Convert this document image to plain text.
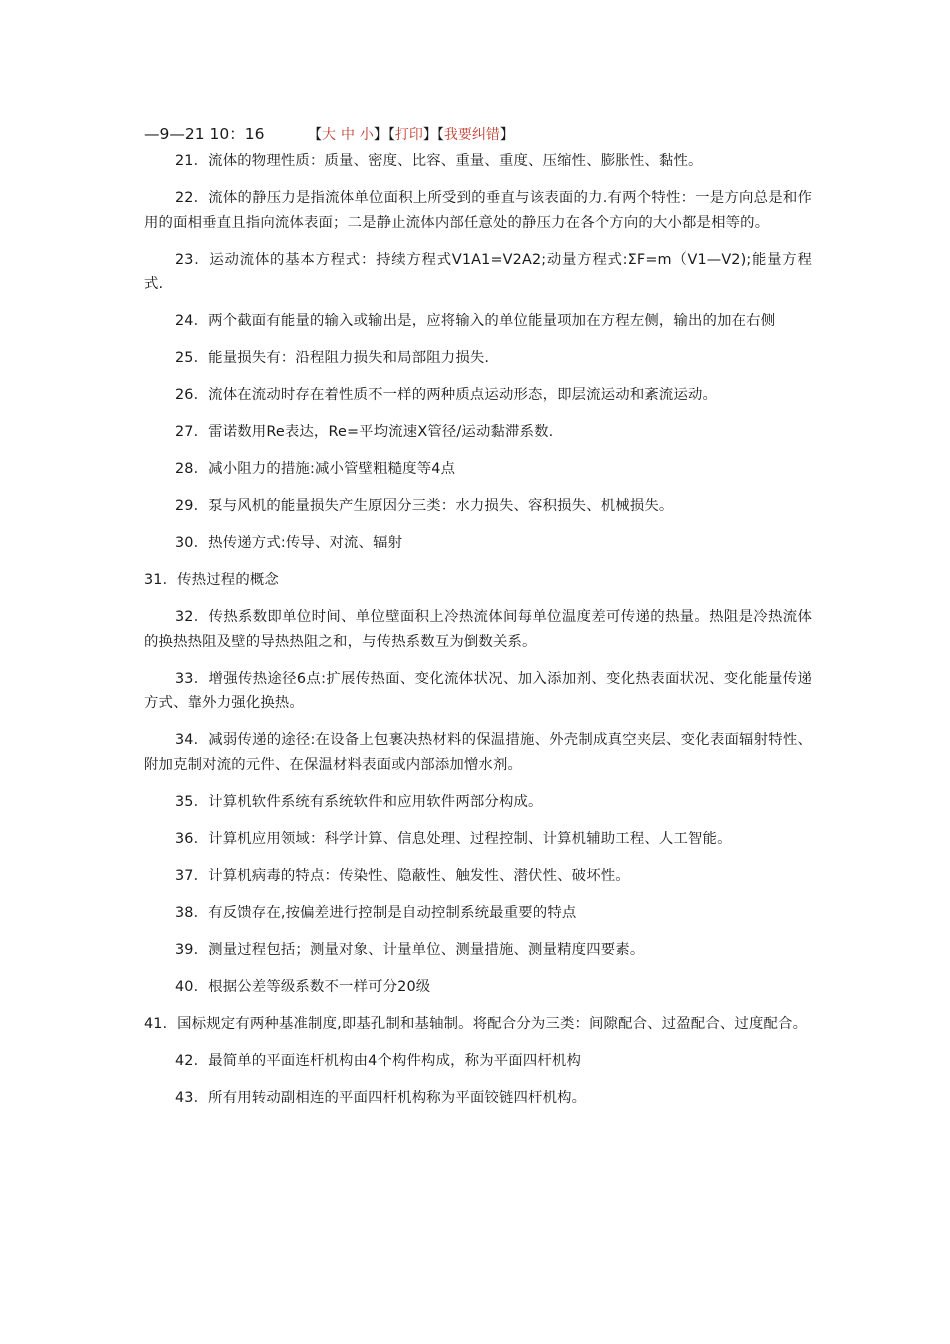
—9—21 10：16	【大 中 小】【打印】【我要纠错】

21．流体的物理性质：质量、密度、比容、重量、重度、压缩性、膨胀性、黏性。

22．流体的静压力是指流体单位面积上所受到的垂直与该表面的力.有两个特性：一是方向总是和作用的面相垂直且指向流体表面；二是静止流体内部任意处的静压力在各个方向的大小都是相等的。

23．运动流体的基本方程式：持续方程式V1A1=V2A2;动量方程式:ΣF=m（V1—V2);能量方程式.

24．两个截面有能量的输入或输出是，应将输入的单位能量项加在方程左侧，输出的加在右侧

25．能量损失有：沿程阻力损失和局部阻力损失.

26．流体在流动时存在着性质不一样的两种质点运动形态，即层流运动和紊流运动。

27．雷诺数用Re表达，Re=平均流速X管径/运动黏滞系数.

28．减小阻力的措施:减小管壁粗糙度等4点

29．泵与风机的能量损失产生原因分三类：水力损失、容积损失、机械损失。

30．热传递方式:传导、对流、辐射

31．传热过程的概念

32．传热系数即单位时间、单位壁面积上冷热流体间每单位温度差可传递的热量。热阻是冷热流体的换热热阻及壁的导热热阻之和，与传热系数互为倒数关系。

33．增强传热途径6点:扩展传热面、变化流体状况、加入添加剂、变化热表面状况、变化能量传递方式、靠外力强化换热。

34．减弱传递的途径:在设备上包裹决热材料的保温措施、外壳制成真空夹层、变化表面辐射特性、附加克制对流的元件、在保温材料表面或内部添加憎水剂。

35．计算机软件系统有系统软件和应用软件两部分构成。

36．计算机应用领域：科学计算、信息处理、过程控制、计算机辅助工程、人工智能。

37．计算机病毒的特点：传染性、隐蔽性、触发性、潜伏性、破坏性。

38．有反馈存在,按偏差进行控制是自动控制系统最重要的特点

39．测量过程包括；测量对象、计量单位、测量措施、测量精度四要素。

40．根据公差等级系数不一样可分20级

41．国标规定有两种基准制度,即基孔制和基轴制。将配合分为三类：间隙配合、过盈配合、过度配合。

42．最简单的平面连杆机构由4个构件构成，称为平面四杆机构

43．所有用转动副相连的平面四杆机构称为平面铰链四杆机构。
